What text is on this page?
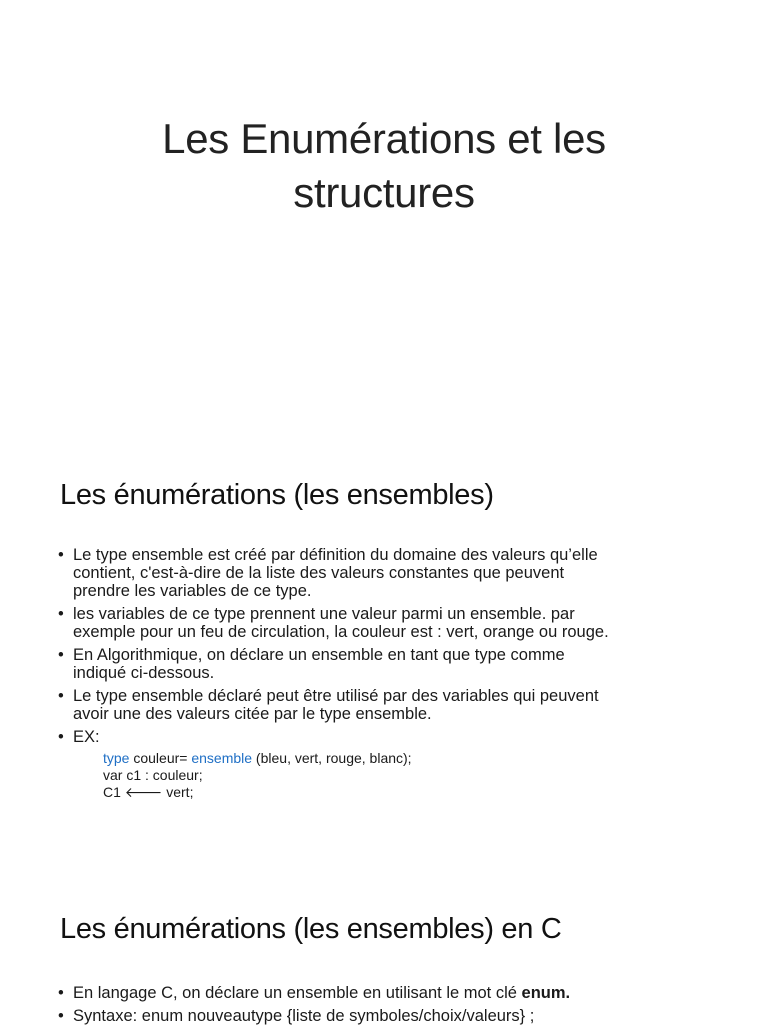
Les Enumérations et les
structures
Les énumérations (les ensembles)
• Le type ensemble est créé par définition du domaine des valeurs qu’elle
contient, c'est-à-dire de la liste des valeurs constantes que peuvent
prendre les variables de ce type.
• les variables de ce type prennent une valeur parmi un ensemble. par
exemple pour un feu de circulation, la couleur est : vert, orange ou rouge.
• En Algorithmique, on déclare un ensemble en tant que type comme
indiqué ci-dessous.
• Le type ensemble déclaré peut être utilisé par des variables qui peuvent
avoir une des valeurs citée par le type ensemble.
• EX:
type couleur= ensemble (bleu, vert, rouge, blanc);
var c1 : couleur;
C1 🡐 vert;
Les énumérations (les ensembles) en C
• En langage C, on déclare un ensemble en utilisant le mot clé enum.
• Syntaxe: enum nouveautype {liste de symboles/choix/valeurs} ;
